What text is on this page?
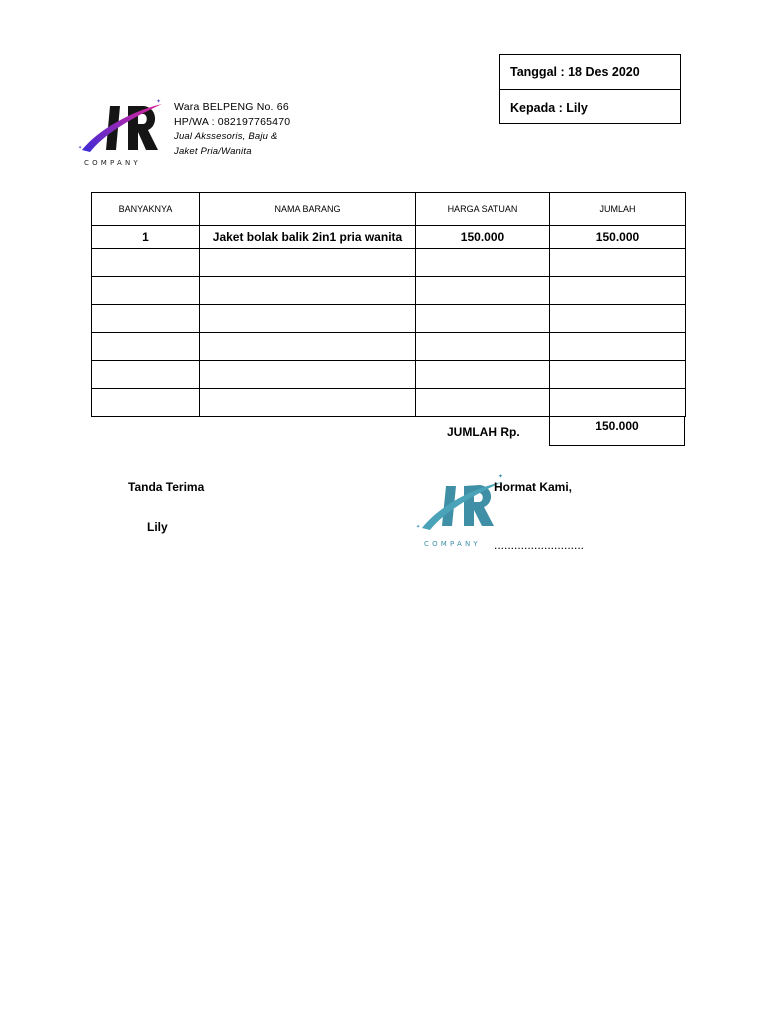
Tanggal : 18 Des 2020
Kepada : Lily
✦
✦
COMPANY
Wara BELPENG No. 66
HP/WA : 082197765470
Jual Akssesoris, Baju &
Jaket Pria/Wanita
BANYAKNYA	NAMA BARANG	HARGA SATUAN	JUMLAH
1	Jaket bolak balik 2in1 pria wanita	150.000	150.000

JUMLAH Rp.	150.000
Tanda Terima
Lily
✦
✦
COMPANY
Hormat Kami,
...........................
